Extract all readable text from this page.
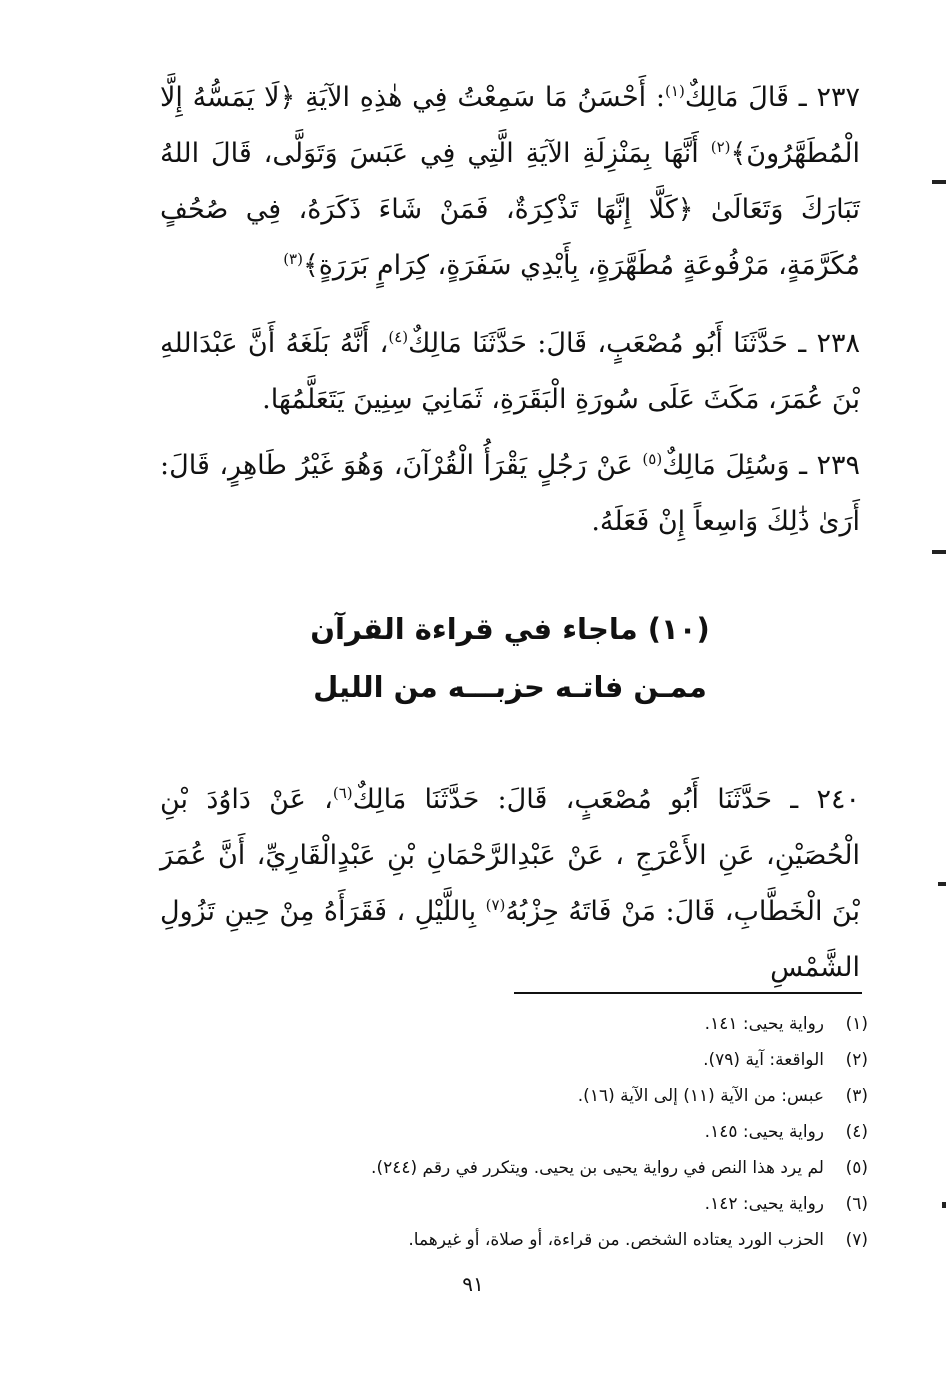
٢٣٧ ـ قَالَ مَالِكٌ$^{(١)}$: أَحْسَنُ مَا سَمِعْتُ فِي هٰذِهِ الآيَةِ ﴿لَا يَمَسُّهُ إِلَّا الْمُطَهَّرُونَ﴾$^{(٢)}$ أَنَّهَا بِمَنْزِلَةِ الآيَةِ الَّتِي فِي عَبَسَ وَتَوَلَّى، قَالَ اللهُ تَبَارَكَ وَتَعَالَىٰ ﴿كَلَّا إِنَّهَا تَذْكِرَةٌ، فَمَنْ شَاءَ ذَكَرَهُ، فِي صُحُفٍ مُكَرَّمَةٍ، مَرْفُوعَةٍ مُطَهَّرَةٍ، بِأَيْدِي سَفَرَةٍ، كِرَامٍ بَرَرَةٍ﴾$^{(٣)}$

٢٣٨ ـ حَدَّثَنَا أَبُو مُصْعَبٍ، قَالَ: حَدَّثَنَا مَالِكٌ$^{(٤)}$، أَنَّهُ بَلَغَهُ أَنَّ عَبْدَاللهِ بْنَ عُمَرَ، مَكَثَ عَلَى سُورَةِ الْبَقَرَةِ، ثَمَانِيَ سِنِينَ يَتَعَلَّمُهَا.

٢٣٩ ـ وَسُئِلَ مَالِكٌ$^{(٥)}$ عَنْ رَجُلٍ يَقْرَأُ الْقُرْآنَ، وَهُوَ غَيْرُ طَاهِرٍ، قَالَ: أَرَىٰ ذَٰلِكَ وَاسِعاً إِنْ فَعَلَهُ.

(١٠) ماجاء في قراءة القرآن
ممـن فاتـه حزبـــه من الليل

٢٤٠ ـ حَدَّثَنَا أَبُو مُصْعَبٍ، قَالَ: حَدَّثَنَا مَالِكٌ$^{(٦)}$، عَنْ دَاوُدَ بْنِ الْحُصَيْنِ، عَنِ الأَعْرَجِ ، عَنْ عَبْدِالرَّحْمَانِ بْنِ عَبْدٍالْقَارِيِّ، أَنَّ عُمَرَ بْنَ الْخَطَّابِ، قَالَ: مَنْ فَاتَهُ حِزْبُهُ$^{(٧)}$ بِاللَّيْلِ ، فَقَرَأَهُ مِنْ حِينِ تَزُولِ الشَّمْسِ

(١)
رواية يحيى: ١٤١.
(٢)
الواقعة: آية (٧٩).
(٣)
عبس: من الآية (١١) إلى الآية (١٦).
(٤)
رواية يحيى: ١٤٥.
(٥)
لم يرد هذا النص في رواية يحيى بن يحيى. ويتكرر في رقم (٢٤٤).
(٦)
رواية يحيى: ١٤٢.
(٧)
الحزب الورد يعتاده الشخص. من قراءة، أو صلاة، أو غيرهما.
٩١
